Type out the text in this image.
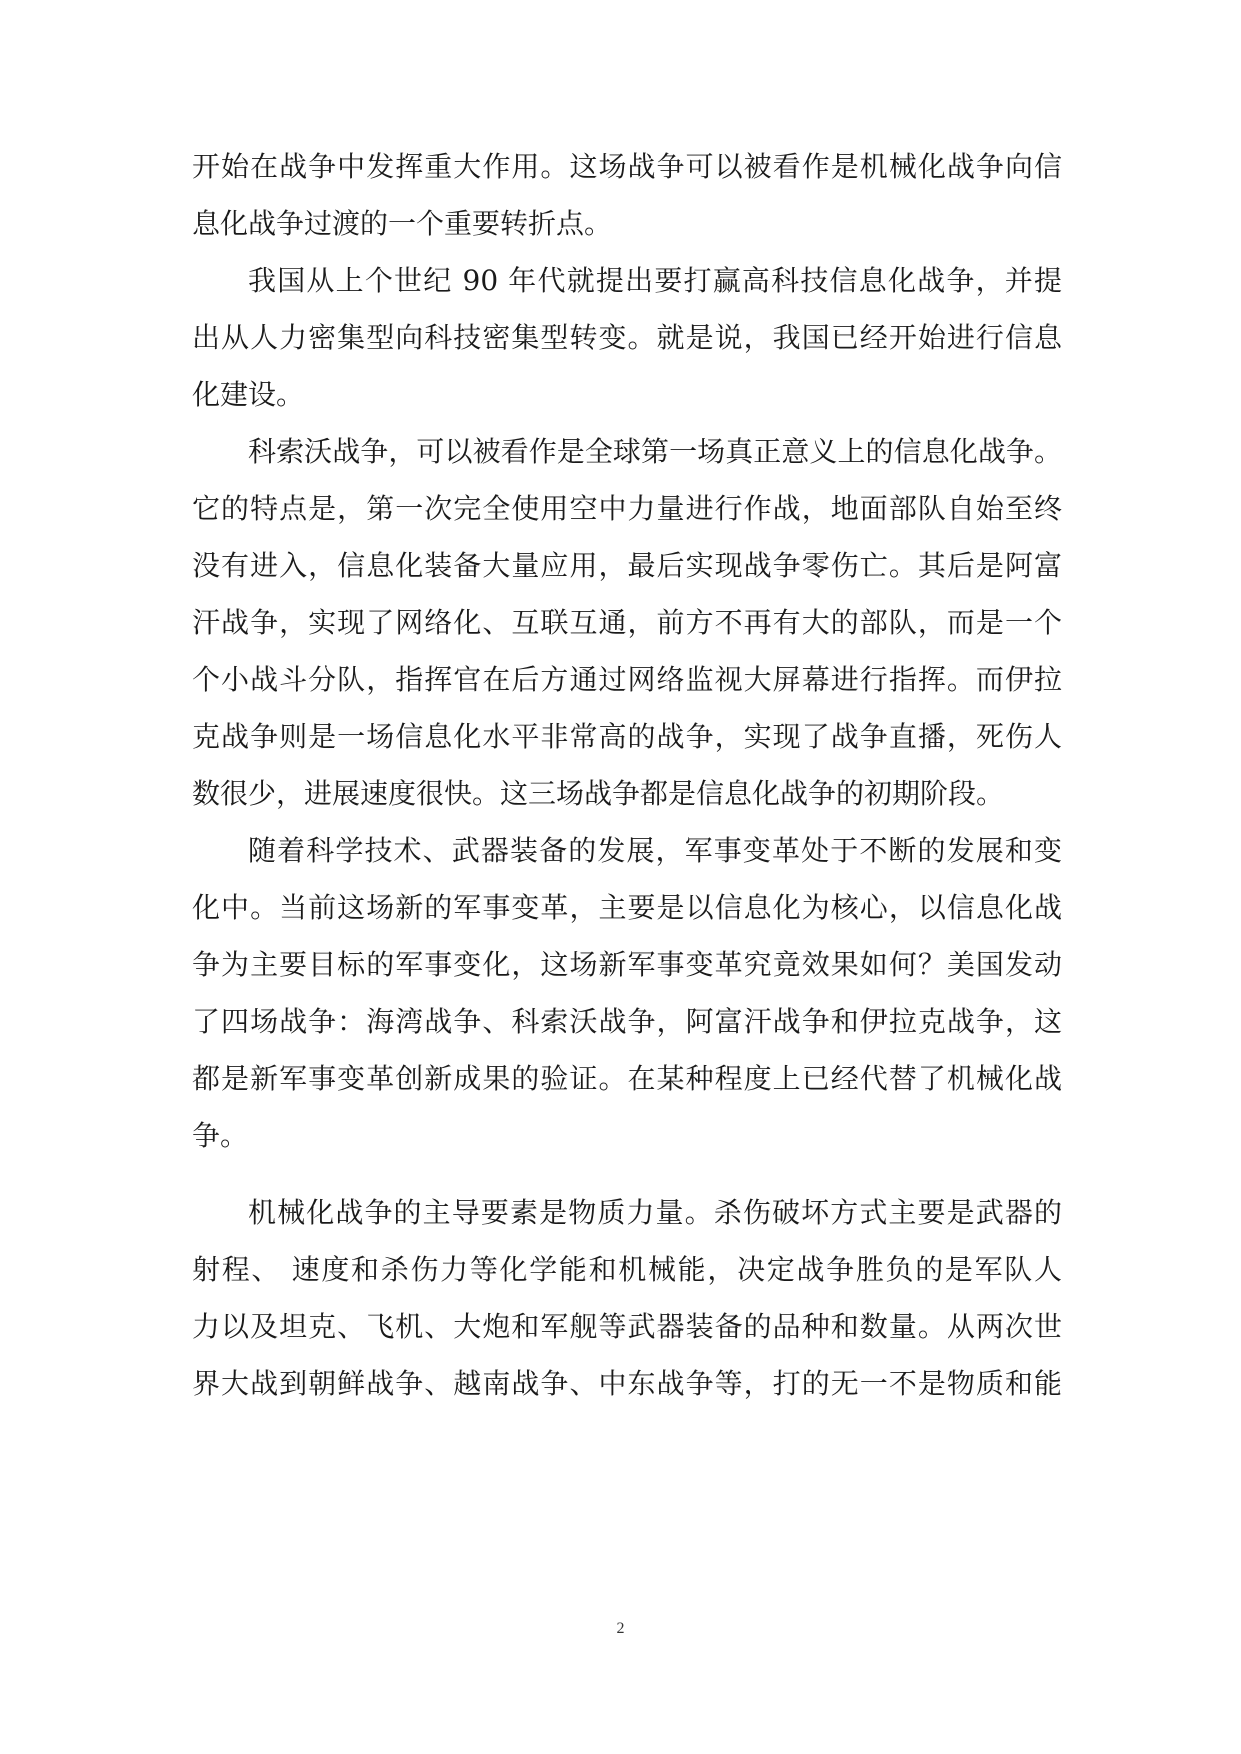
开始在战争中发挥重大作用。这场战争可以被看作是机械化战争向信
息化战争过渡的一个重要转折点。
我国从上个世纪 90 年代就提出要打赢高科技信息化战争，并提
出从人力密集型向科技密集型转变。就是说，我国已经开始进行信息
化建设。
科索沃战争，可以被看作是全球第一场真正意义上的信息化战争。
它的特点是，第一次完全使用空中力量进行作战，地面部队自始至终
没有进入，信息化装备大量应用，最后实现战争零伤亡。其后是阿富
汗战争，实现了网络化、互联互通，前方不再有大的部队，而是一个
个小战斗分队，指挥官在后方通过网络监视大屏幕进行指挥。而伊拉
克战争则是一场信息化水平非常高的战争，实现了战争直播，死伤人
数很少，进展速度很快。这三场战争都是信息化战争的初期阶段。
随着科学技术、武器装备的发展，军事变革处于不断的发展和变
化中。当前这场新的军事变革，主要是以信息化为核心，以信息化战
争为主要目标的军事变化，这场新军事变革究竟效果如何？美国发动
了四场战争：海湾战争、科索沃战争，阿富汗战争和伊拉克战争，这
都是新军事变革创新成果的验证。在某种程度上已经代替了机械化战
争。
机械化战争的主导要素是物质力量。杀伤破坏方式主要是武器的
射程、 速度和杀伤力等化学能和机械能，决定战争胜负的是军队人
力以及坦克、飞机、大炮和军舰等武器装备的品种和数量。从两次世
界大战到朝鲜战争、越南战争、中东战争等，打的无一不是物质和能
2
